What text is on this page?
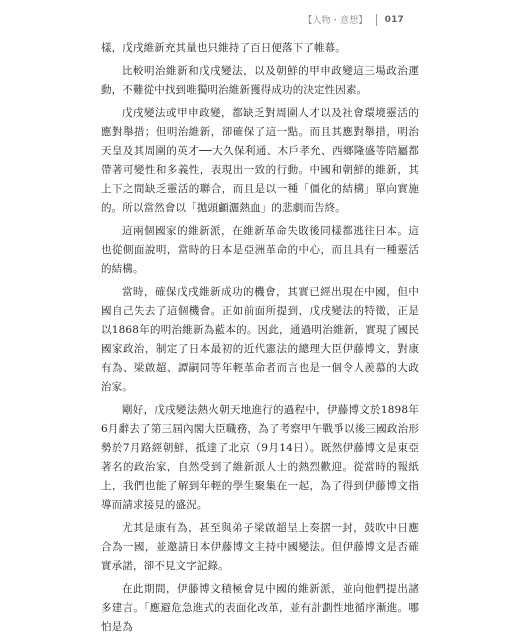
【人物・意想】 017

樣，戊戌維新充其量也只維持了百日便落下了帷幕。

比較明治維新和戊戌變法，以及朝鮮的甲申政變這三場政治運動，不難從中找到唯獨明治維新獲得成功的決定性因素。

戊戌變法或甲申政變，都缺乏對周圍人才以及社會環境靈活的應對舉措；但明治維新，卻確保了這一點。而且其應對舉措，明治天皇及其周圍的英才──大久保利通、木戶孝允、西鄉隆盛等陪屬都帶著可變性和多義性，表現出一致的行動。中國和朝鮮的維新，其上下之間缺乏靈活的聯合，而且是以一種「僵化的結構」單向實施的。所以當然會以「拋頭顱灑熱血」的悲劇而告終。

這兩個國家的維新派，在維新革命失敗後同樣都逃往日本。這也從側面說明，當時的日本是亞洲革命的中心，而且具有一種靈活的結構。

當時，確保戊戌維新成功的機會，其實已經出現在中國，但中國自己失去了這個機會。正如前面所提到，戊戌變法的特徵，正是以1868年的明治維新為藍本的。因此，通過明治維新，實現了國民國家政治，制定了日本最初的近代憲法的總理大臣伊藤博文，對康有為、梁啟超、譚嗣同等年輕革命者而言也是一個令人羨慕的大政治家。

剛好，戊戌變法熱火朝天地進行的過程中，伊藤博文於1898年6月辭去了第三屆內閣大臣職務，為了考察甲午戰爭以後三國政治形勢於7月路經朝鮮，抵達了北京（9月14日）。既然伊藤博文是東亞著名的政治家，自然受到了維新派人士的熱烈歡迎。從當時的報紙上，我們也能了解到年輕的學生聚集在一起，為了得到伊藤博文指導而請求接見的盛況。

尤其是康有為，甚至與弟子梁啟超呈上奏摺一封，鼓吹中日應合為一國，並邀請日本伊藤博文主持中國變法。但伊藤博文是否確實承諾，卻不見文字記錄。

在此期間，伊藤博文積極會見中國的維新派，並向他們提出諸多建言。「應避危急進式的表面化改革，並有計劃性地循序漸進。哪怕是為
